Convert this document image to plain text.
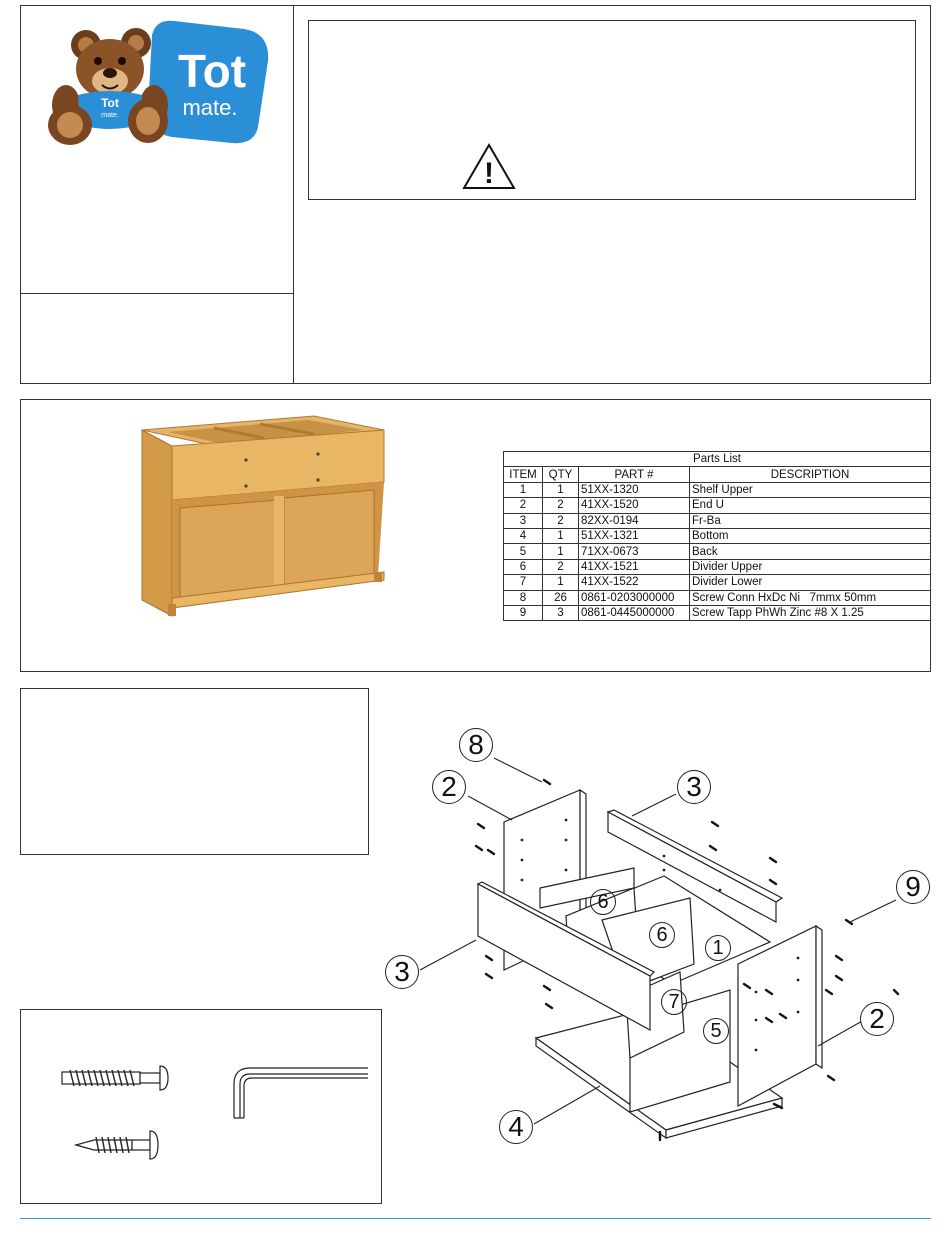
Tot
mate.
Tot
mate.
!
Parts List			
ITEM	QTY	PART #	DESCRIPTION
1	1	51XX-1320	Shelf Upper
2	2	41XX-1520	End U
3	2	82XX-0194	Fr-Ba
4	1	51XX-1321	Bottom
5	1	71XX-0673	Back
6	2	41XX-1521	Divider Upper
7	1	41XX-1522	Divider Lower
8	26	0861-0203000000	Screw Conn HxDc Ni   7mmx 50mm
9	3	0861-0445000000	Screw Tapp PhWh Zinc #8 X 1.25
8
2	3
9
3
2
4
6
6
1
7
5
